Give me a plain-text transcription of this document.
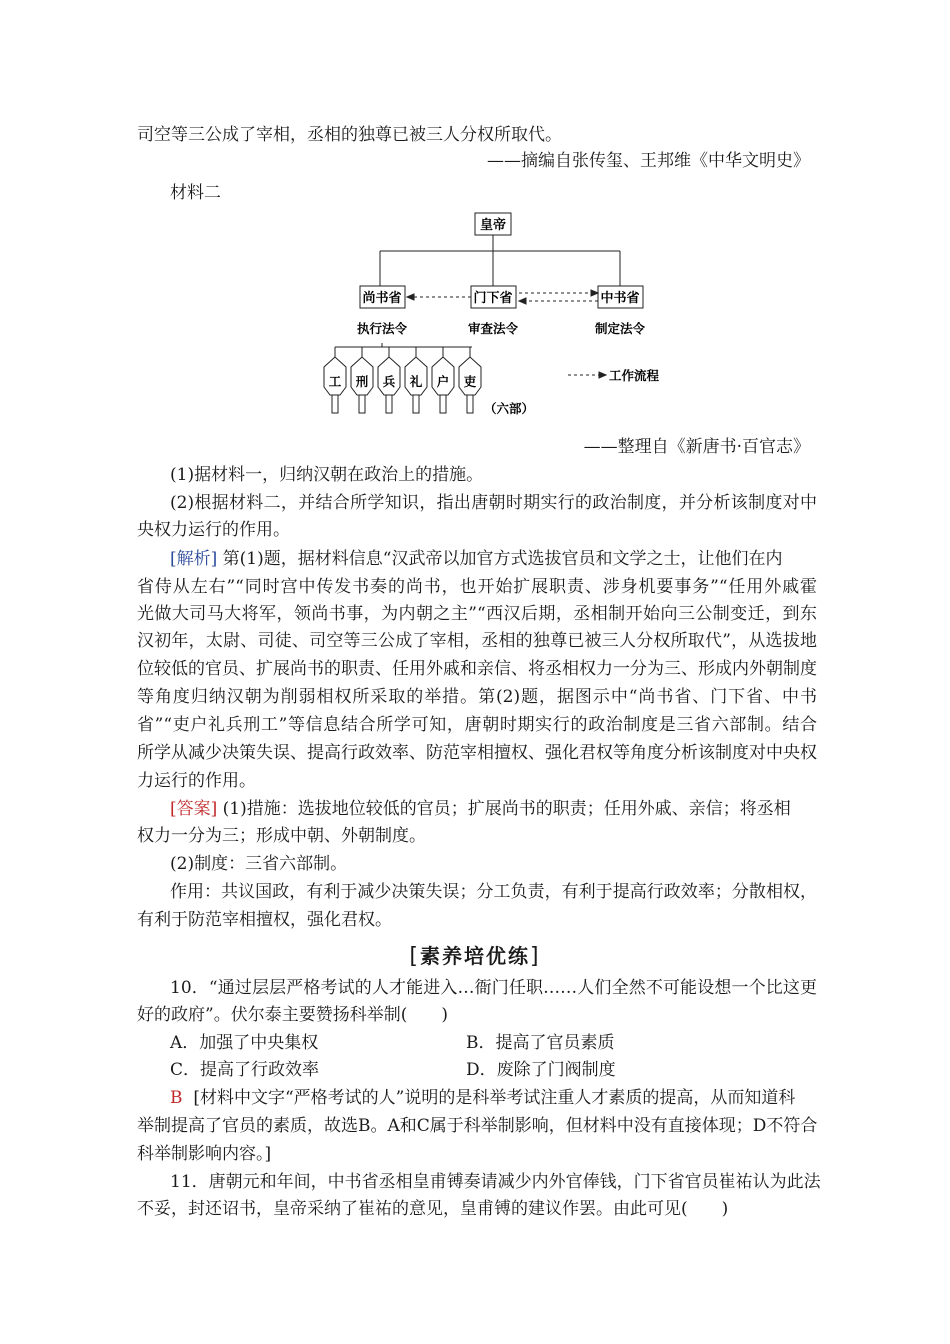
司空等三公成了宰相，丞相的独尊已被三人分权所取代。
——摘编自张传玺、王邦维《中华文明史》
材料二
皇帝
尚书省	门下省	中书省
执行法令	审查法令	制定法令
工 刑 兵 礼 户 吏
（六部）
工作流程
——整理自《新唐书·百官志》
(1)据材料一，归纳汉朝在政治上的措施。
(2)根据材料二，并结合所学知识，指出唐朝时期实行的政治制度，并分析该制度对中
央权力运行的作用。
[解析] 第(1)题，据材料信息“汉武帝以加官方式选拔官员和文学之士，让他们在内
省侍从左右”“同时宫中传发书奏的尚书，也开始扩展职责、涉身机要事务”“任用外戚霍
光做大司马大将军，领尚书事，为内朝之主”“西汉后期，丞相制开始向三公制变迁，到东
汉初年，太尉、司徒、司空等三公成了宰相，丞相的独尊已被三人分权所取代”，从选拔地
位较低的官员、扩展尚书的职责、任用外戚和亲信、将丞相权力一分为三、形成内外朝制度
等角度归纳汉朝为削弱相权所采取的举措。第(2)题，据图示中“尚书省、门下省、中书
省”“吏户礼兵刑工”等信息结合所学可知，唐朝时期实行的政治制度是三省六部制。结合
所学从减少决策失误、提高行政效率、防范宰相擅权、强化君权等角度分析该制度对中央权
力运行的作用。
[答案] (1)措施：选拔地位较低的官员；扩展尚书的职责；任用外戚、亲信；将丞相
权力一分为三；形成中朝、外朝制度。
(2)制度：三省六部制。
作用：共议国政，有利于减少决策失误；分工负责，有利于提高行政效率；分散相权，
有利于防范宰相擅权，强化君权。
[素养培优练]
10．“通过层层严格考试的人才能进入…衙门任职……人们全然不可能设想一个比这更
好的政府”。伏尔泰主要赞扬科举制(　　)
A．加强了中央集权	B．提高了官员素质
C．提高了行政效率	D．废除了门阀制度
B [材料中文字“严格考试的人”说明的是科举考试注重人才素质的提高，从而知道科
举制提高了官员的素质，故选B。A和C属于科举制影响，但材料中没有直接体现；D不符合
科举制影响内容。]
11．唐朝元和年间，中书省丞相皇甫镈奏请减少内外官俸钱，门下省官员崔祐认为此法
不妥，封还诏书，皇帝采纳了崔祐的意见，皇甫镈的建议作罢。由此可见(　　)
